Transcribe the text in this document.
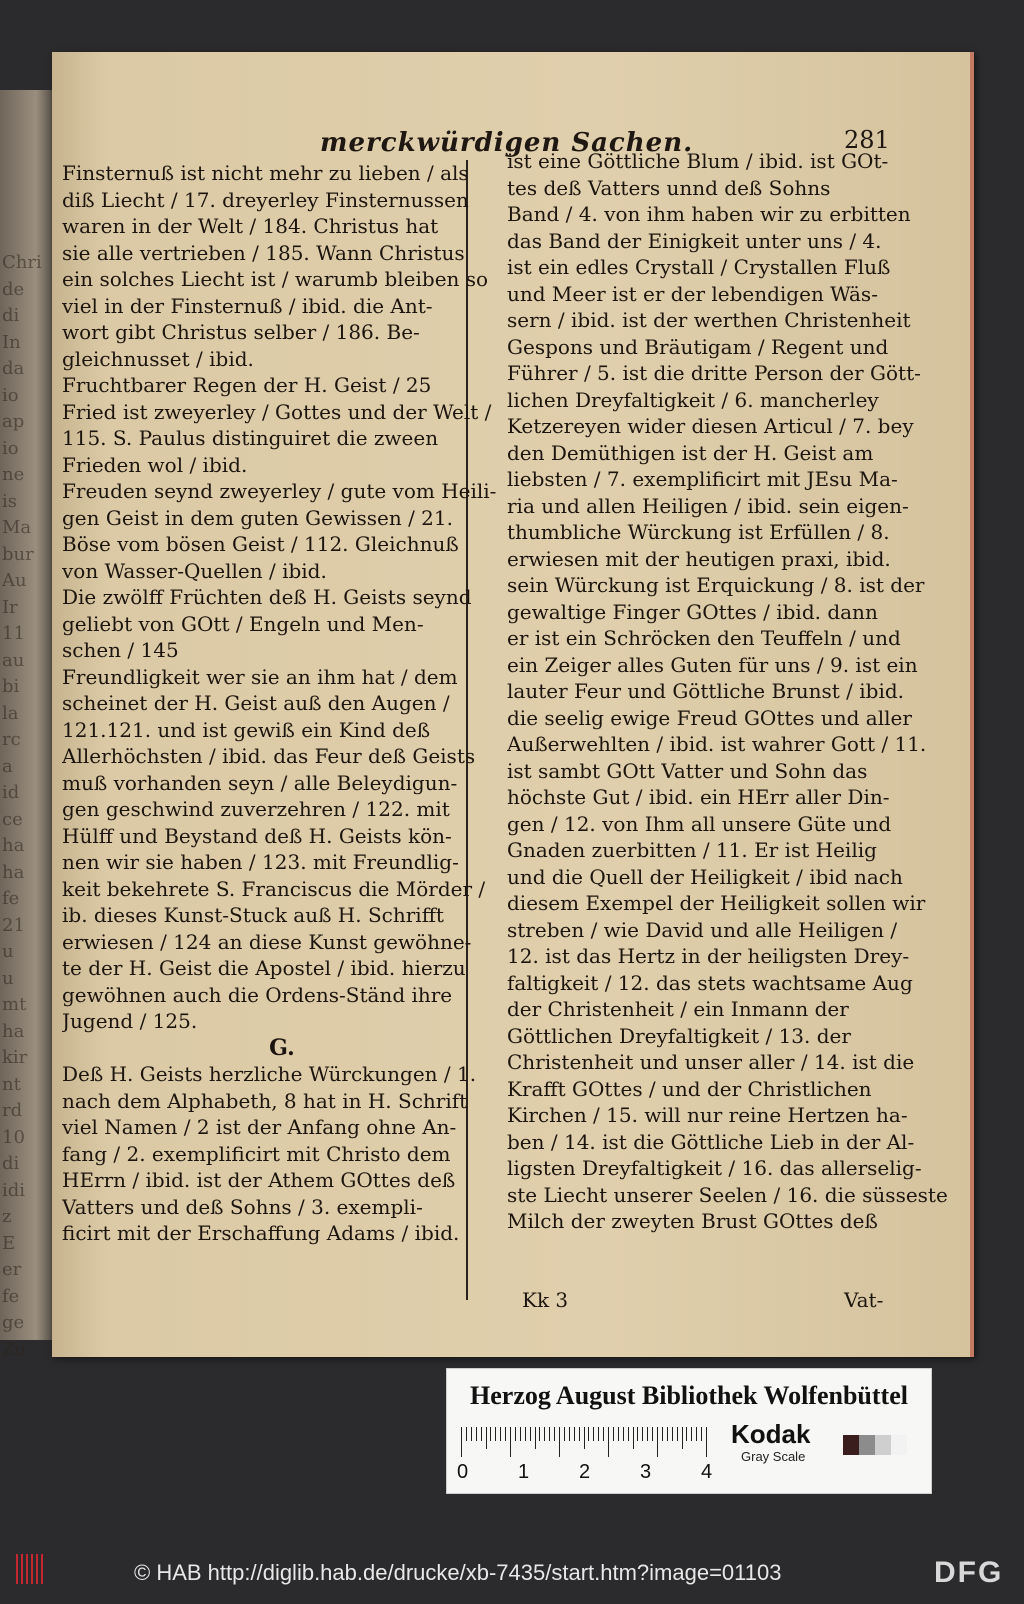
Chri
de
di
In
da
io
ap
io
ne
is
Ma
bur
Au
Ir
11
au
bi
la
rc
a
id
ce
ha
ha
fe
21
u
u
mt
ha
kir
nt
rd
10
di
idi
z
E
er
fe
ge
Zu
merckwürdigen Sachen.	281
Finsternuß ist nicht mehr zu lieben / als
diß Liecht / 17. dreyerley Finsternussen
waren in der Welt / 184. Christus hat
sie alle vertrieben / 185. Wann Christus
ein solches Liecht ist / warumb bleiben so
viel in der Finsternuß / ibid. die Ant-
wort gibt Christus selber / 186. Be-
gleichnusset / ibid.
Fruchtbarer Regen der H. Geist / 25
Fried ist zweyerley / Gottes und der Welt /
115. S. Paulus distinguiret die zween
Frieden wol / ibid.
Freuden seynd zweyerley / gute vom Heili-
gen Geist in dem guten Gewissen / 21.
Böse vom bösen Geist / 112. Gleichnuß
von Wasser-Quellen / ibid.
Die zwölff Früchten deß H. Geists seynd
geliebt von GOtt / Engeln und Men-
schen / 145
Freundligkeit wer sie an ihm hat / dem
scheinet der H. Geist auß den Augen /
121.121. und ist gewiß ein Kind deß
Allerhöchsten / ibid. das Feur deß Geists
muß vorhanden seyn / alle Beleydigun-
gen geschwind zuverzehren / 122. mit
Hülff und Beystand deß H. Geists kön-
nen wir sie haben / 123. mit Freundlig-
keit bekehrete S. Franciscus die Mörder /
ib. dieses Kunst-Stuck auß H. Schrifft
erwiesen / 124 an diese Kunst gewöhne-
te der H. Geist die Apostel / ibid. hierzu
gewöhnen auch die Ordens-Ständ ihre
Jugend / 125.
G.
Deß H. Geists herzliche Würckungen / 1.
nach dem Alphabeth, 8 hat in H. Schrift
viel Namen / 2 ist der Anfang ohne An-
fang / 2. exemplificirt mit Christo dem
HErrn / ibid. ist der Athem GOttes deß
Vatters und deß Sohns / 3. exempli-
ficirt mit der Erschaffung Adams / ibid.
ist eine Göttliche Blum / ibid. ist GOt-
tes deß Vatters unnd deß Sohns
Band / 4. von ihm haben wir zu erbitten
das Band der Einigkeit unter uns / 4.
ist ein edles Crystall / Crystallen Fluß
und Meer ist er der lebendigen Wäs-
sern / ibid. ist der werthen Christenheit
Gespons und Bräutigam / Regent und
Führer / 5. ist die dritte Person der Gött-
lichen Dreyfaltigkeit / 6. mancherley
Ketzereyen wider diesen Articul / 7. bey
den Demüthigen ist der H. Geist am
liebsten / 7. exemplificirt mit JEsu Ma-
ria und allen Heiligen / ibid. sein eigen-
thumbliche Würckung ist Erfüllen / 8.
erwiesen mit der heutigen praxi, ibid.
sein Würckung ist Erquickung / 8. ist der
gewaltige Finger GOttes / ibid. dann
er ist ein Schröcken den Teuffeln / und
ein Zeiger alles Guten für uns / 9. ist ein
lauter Feur und Göttliche Brunst / ibid.
die seelig ewige Freud GOttes und aller
Außerwehlten / ibid. ist wahrer Gott / 11.
ist sambt GOtt Vatter und Sohn das
höchste Gut / ibid. ein HErr aller Din-
gen / 12. von Ihm all unsere Güte und
Gnaden zuerbitten / 11. Er ist Heilig
und die Quell der Heiligkeit / ibid nach
diesem Exempel der Heiligkeit sollen wir
streben / wie David und alle Heiligen /
12. ist das Hertz in der heiligsten Drey-
faltigkeit / 12. das stets wachtsame Aug
der Christenheit / ein Inmann der
Göttlichen Dreyfaltigkeit / 13. der
Christenheit und unser aller / 14. ist die
Krafft GOttes / und der Christlichen
Kirchen / 15. will nur reine Hertzen ha-
ben / 14. ist die Göttliche Lieb in der Al-
ligsten Dreyfaltigkeit / 16. das allerselig-
ste Liecht unserer Seelen / 16. die süsseste
Milch der zweyten Brust GOttes deß
Kk 3	Vat-
Herzog August Bibliothek Wolfenbüttel
0 1 2 3 4
Kodak
Gray Scale
© HAB http://diglib.hab.de/drucke/xb-7435/start.htm?image=01103	DFG
